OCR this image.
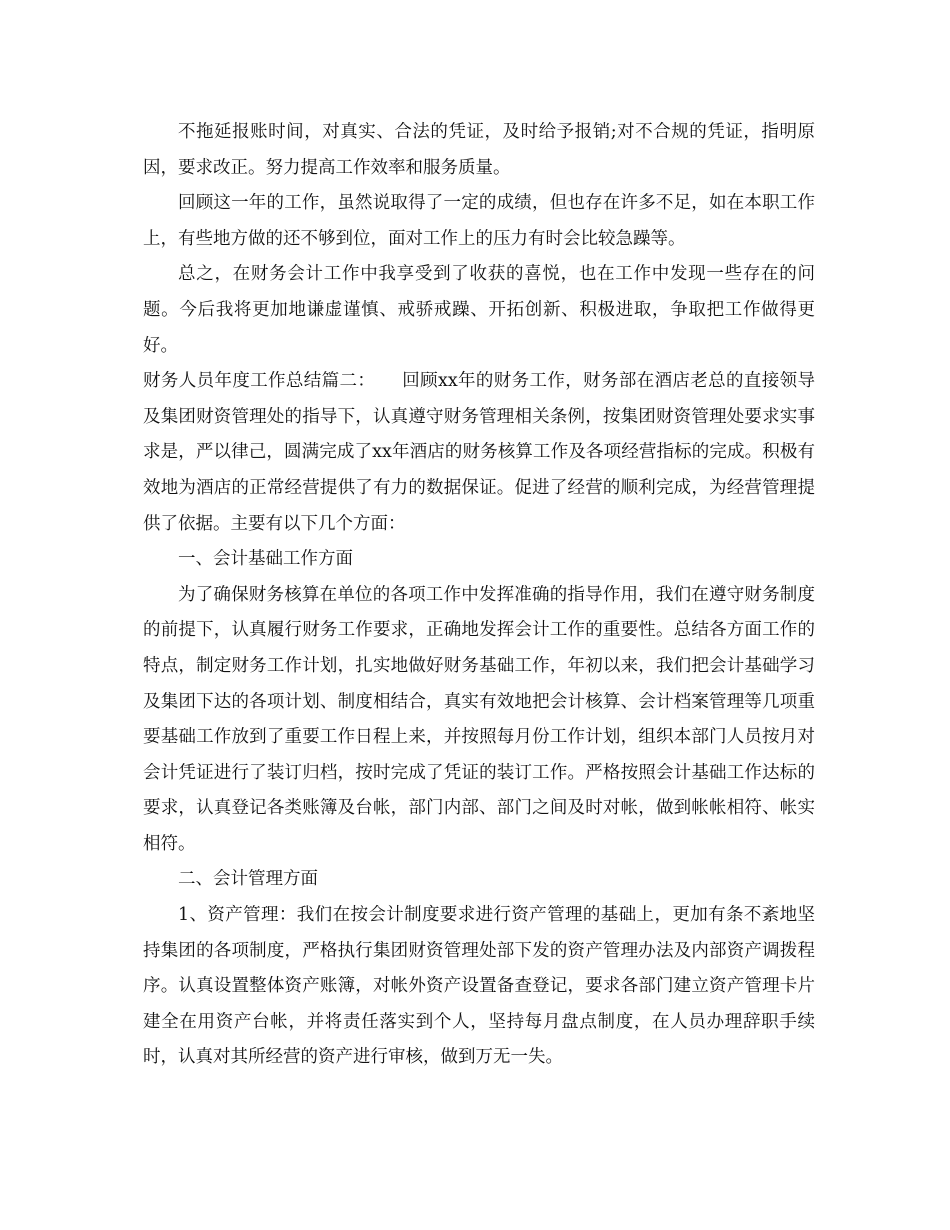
不拖延报账时间，对真实、合法的凭证，及时给予报销;对不合规的凭证，指明原因，要求改正。努力提高工作效率和服务质量。

回顾这一年的工作，虽然说取得了一定的成绩，但也存在许多不足，如在本职工作上，有些地方做的还不够到位，面对工作上的压力有时会比较急躁等。

总之，在财务会计工作中我享受到了收获的喜悦，也在工作中发现一些存在的问题。今后我将更加地谦虚谨慎、戒骄戒躁、开拓创新、积极进取，争取把工作做得更好。

财务人员年度工作总结篇二：　　回顾xx年的财务工作，财务部在酒店老总的直接领导及集团财资管理处的指导下，认真遵守财务管理相关条例，按集团财资管理处要求实事求是，严以律己，圆满完成了xx年酒店的财务核算工作及各项经营指标的完成。积极有效地为酒店的正常经营提供了有力的数据保证。促进了经营的顺利完成，为经营管理提供了依据。主要有以下几个方面：

一、会计基础工作方面

为了确保财务核算在单位的各项工作中发挥准确的指导作用，我们在遵守财务制度的前提下，认真履行财务工作要求，正确地发挥会计工作的重要性。总结各方面工作的特点，制定财务工作计划，扎实地做好财务基础工作，年初以来，我们把会计基础学习及集团下达的各项计划、制度相结合，真实有效地把会计核算、会计档案管理等几项重要基础工作放到了重要工作日程上来，并按照每月份工作计划，组织本部门人员按月对会计凭证进行了装订归档，按时完成了凭证的装订工作。严格按照会计基础工作达标的要求，认真登记各类账簿及台帐，部门内部、部门之间及时对帐，做到帐帐相符、帐实相符。

二、会计管理方面

1、资产管理：我们在按会计制度要求进行资产管理的基础上，更加有条不紊地坚持集团的各项制度，严格执行集团财资管理处部下发的资产管理办法及内部资产调拨程序。认真设置整体资产账簿，对帐外资产设置备查登记，要求各部门建立资产管理卡片建全在用资产台帐，并将责任落实到个人，坚持每月盘点制度，在人员办理辞职手续时，认真对其所经营的资产进行审核，做到万无一失。
